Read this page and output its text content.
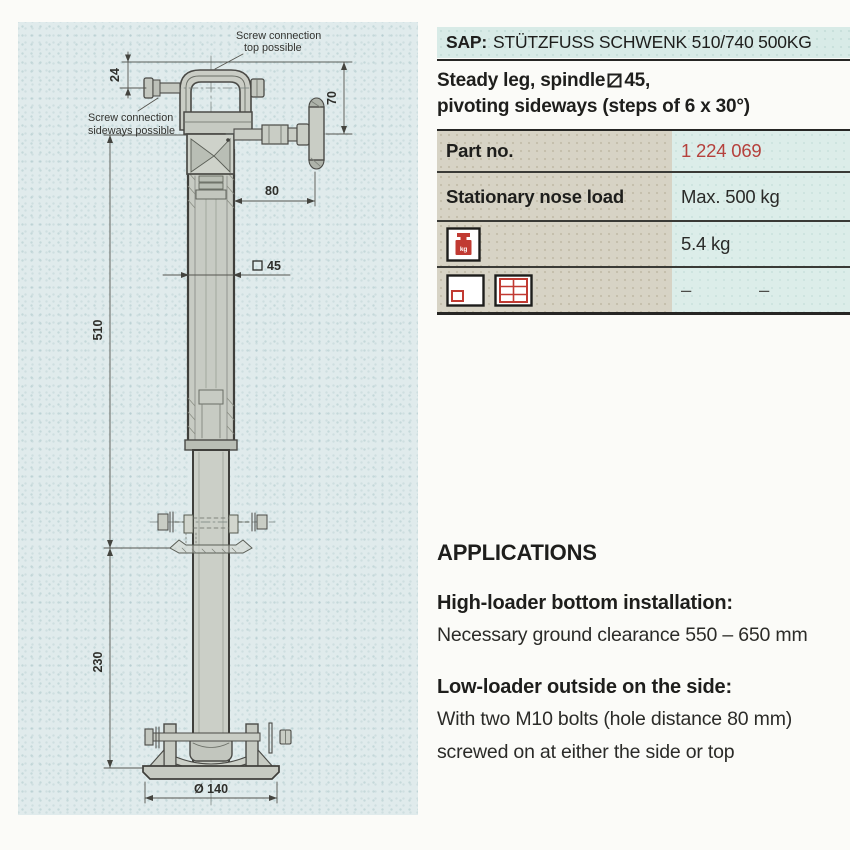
24
70
80
510
230
45
Ø 140
Screw connection
top possible
Screw connection
sideways possible
SAP: STÜTZFUSS SCHWENK 510/740 500KG
Steady leg, spindle 45,
pivoting sideways (steps of 6 x 30°)
Part no.	1 224 069
Stationary nose load	Max. 500 kg
kg	5.4 kg
–	–
APPLICATIONS
High-loader bottom installation:

Necessary ground clearance 550 – 650 mm

Low-loader outside on the side:

With two M10 bolts (hole distance 80 mm) screwed on at either the side or top
